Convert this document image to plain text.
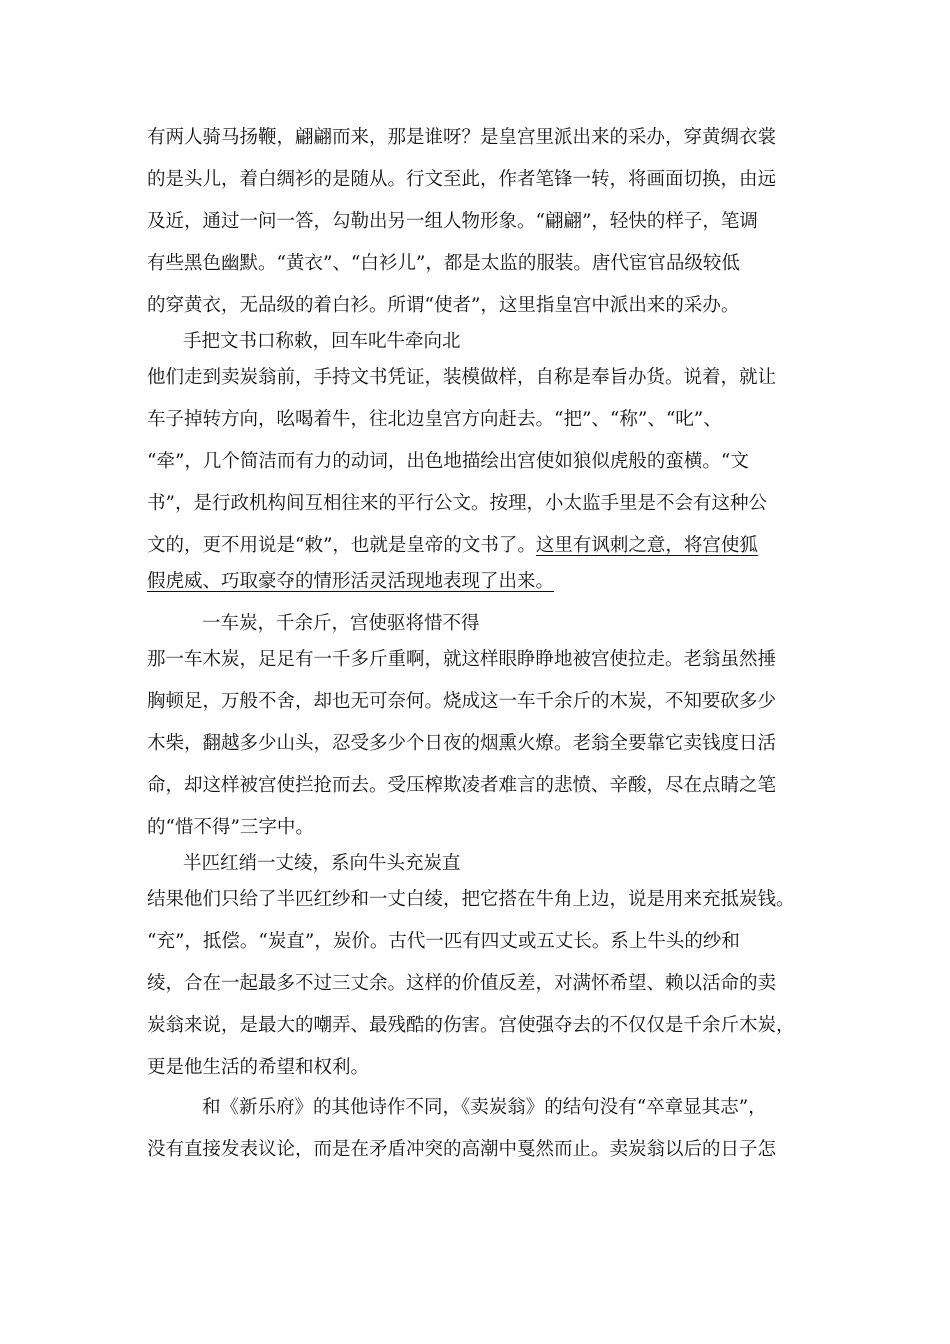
有两人骑马扬鞭，翩翩而来，那是谁呀？是皇宫里派出来的采办，穿黄绸衣裳
的是头儿，着白绸衫的是随从。行文至此，作者笔锋一转，将画面切换，由远
及近，通过一问一答，勾勒出另一组人物形象。“翩翩”，轻快的样子，笔调
有些黑色幽默。“黄衣”、“白衫儿”，都是太监的服装。唐代宦官品级较低
的穿黄衣，无品级的着白衫。所谓“使者”，这里指皇宫中派出来的采办。
手把文书口称敕，回车叱牛牵向北
他们走到卖炭翁前，手持文书凭证，装模做样，自称是奉旨办货。说着，就让
车子掉转方向，吆喝着牛，往北边皇宫方向赶去。“把”、“称”、“叱”、
“牵”，几个简洁而有力的动词，出色地描绘出宫使如狼似虎般的蛮横。“文
书”，是行政机构间互相往来的平行公文。按理，小太监手里是不会有这种公
文的，更不用说是“敕”，也就是皇帝的文书了。这里有讽刺之意，将宫使狐
假虎威、巧取豪夺的情形活灵活现地表现了出来。
一车炭，千余斤，宫使驱将惜不得
那一车木炭，足足有一千多斤重啊，就这样眼睁睁地被宫使拉走。老翁虽然捶
胸顿足，万般不舍，却也无可奈何。烧成这一车千余斤的木炭，不知要砍多少
木柴，翻越多少山头，忍受多少个日夜的烟熏火燎。老翁全要靠它卖钱度日活
命，却这样被宫使拦抢而去。受压榨欺凌者难言的悲愤、辛酸，尽在点睛之笔
的“惜不得”三字中。
半匹红绡一丈绫，系向牛头充炭直
结果他们只给了半匹红纱和一丈白绫，把它搭在牛角上边，说是用来充抵炭钱。
“充”，抵偿。“炭直”，炭价。古代一匹有四丈或五丈长。系上牛头的纱和
绫，合在一起最多不过三丈余。这样的价值反差，对满怀希望、赖以活命的卖
炭翁来说，是最大的嘲弄、最残酷的伤害。宫使强夺去的不仅仅是千余斤木炭，
更是他生活的希望和权利。
和《新乐府》的其他诗作不同，《卖炭翁》的结句没有“卒章显其志”，
没有直接发表议论，而是在矛盾冲突的高潮中戛然而止。卖炭翁以后的日子怎
